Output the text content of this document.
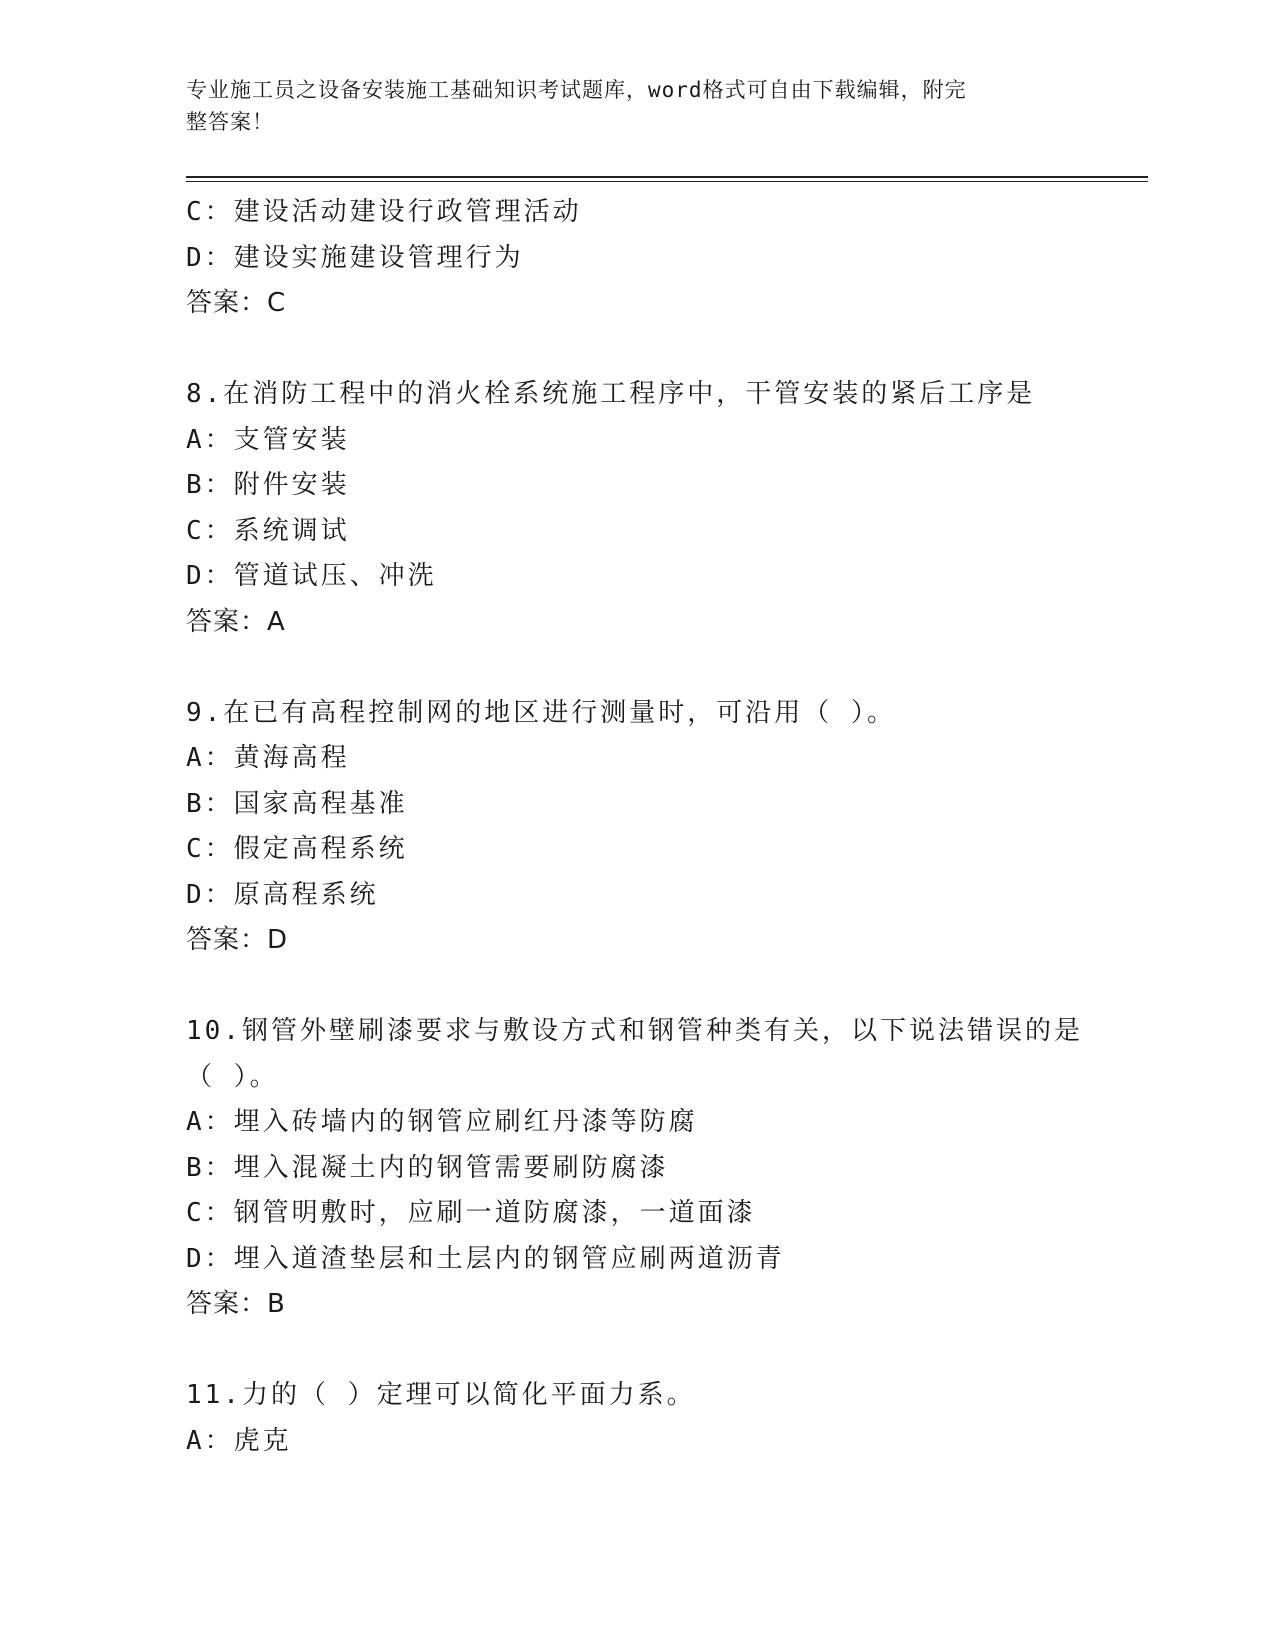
专业施工员之设备安装施工基础知识考试题库，word格式可自由下载编辑，附完
整答案！
C：建设活动建设行政管理活动
D：建设实施建设管理行为
答案：C
8.在消防工程中的消火栓系统施工程序中，干管安装的紧后工序是
A：支管安装
B：附件安装
C：系统调试
D：管道试压、冲洗
答案：A
9.在已有高程控制网的地区进行测量时，可沿用（ ）。
A：黄海高程
B：国家高程基准
C：假定高程系统
D：原高程系统
答案：D
10.钢管外壁刷漆要求与敷设方式和钢管种类有关，以下说法错误的是
（ ）。
A：埋入砖墙内的钢管应刷红丹漆等防腐
B：埋入混凝土内的钢管需要刷防腐漆
C：钢管明敷时，应刷一道防腐漆，一道面漆
D：埋入道渣垫层和土层内的钢管应刷两道沥青
答案：B
11.力的（ ）定理可以简化平面力系。
A：虎克
